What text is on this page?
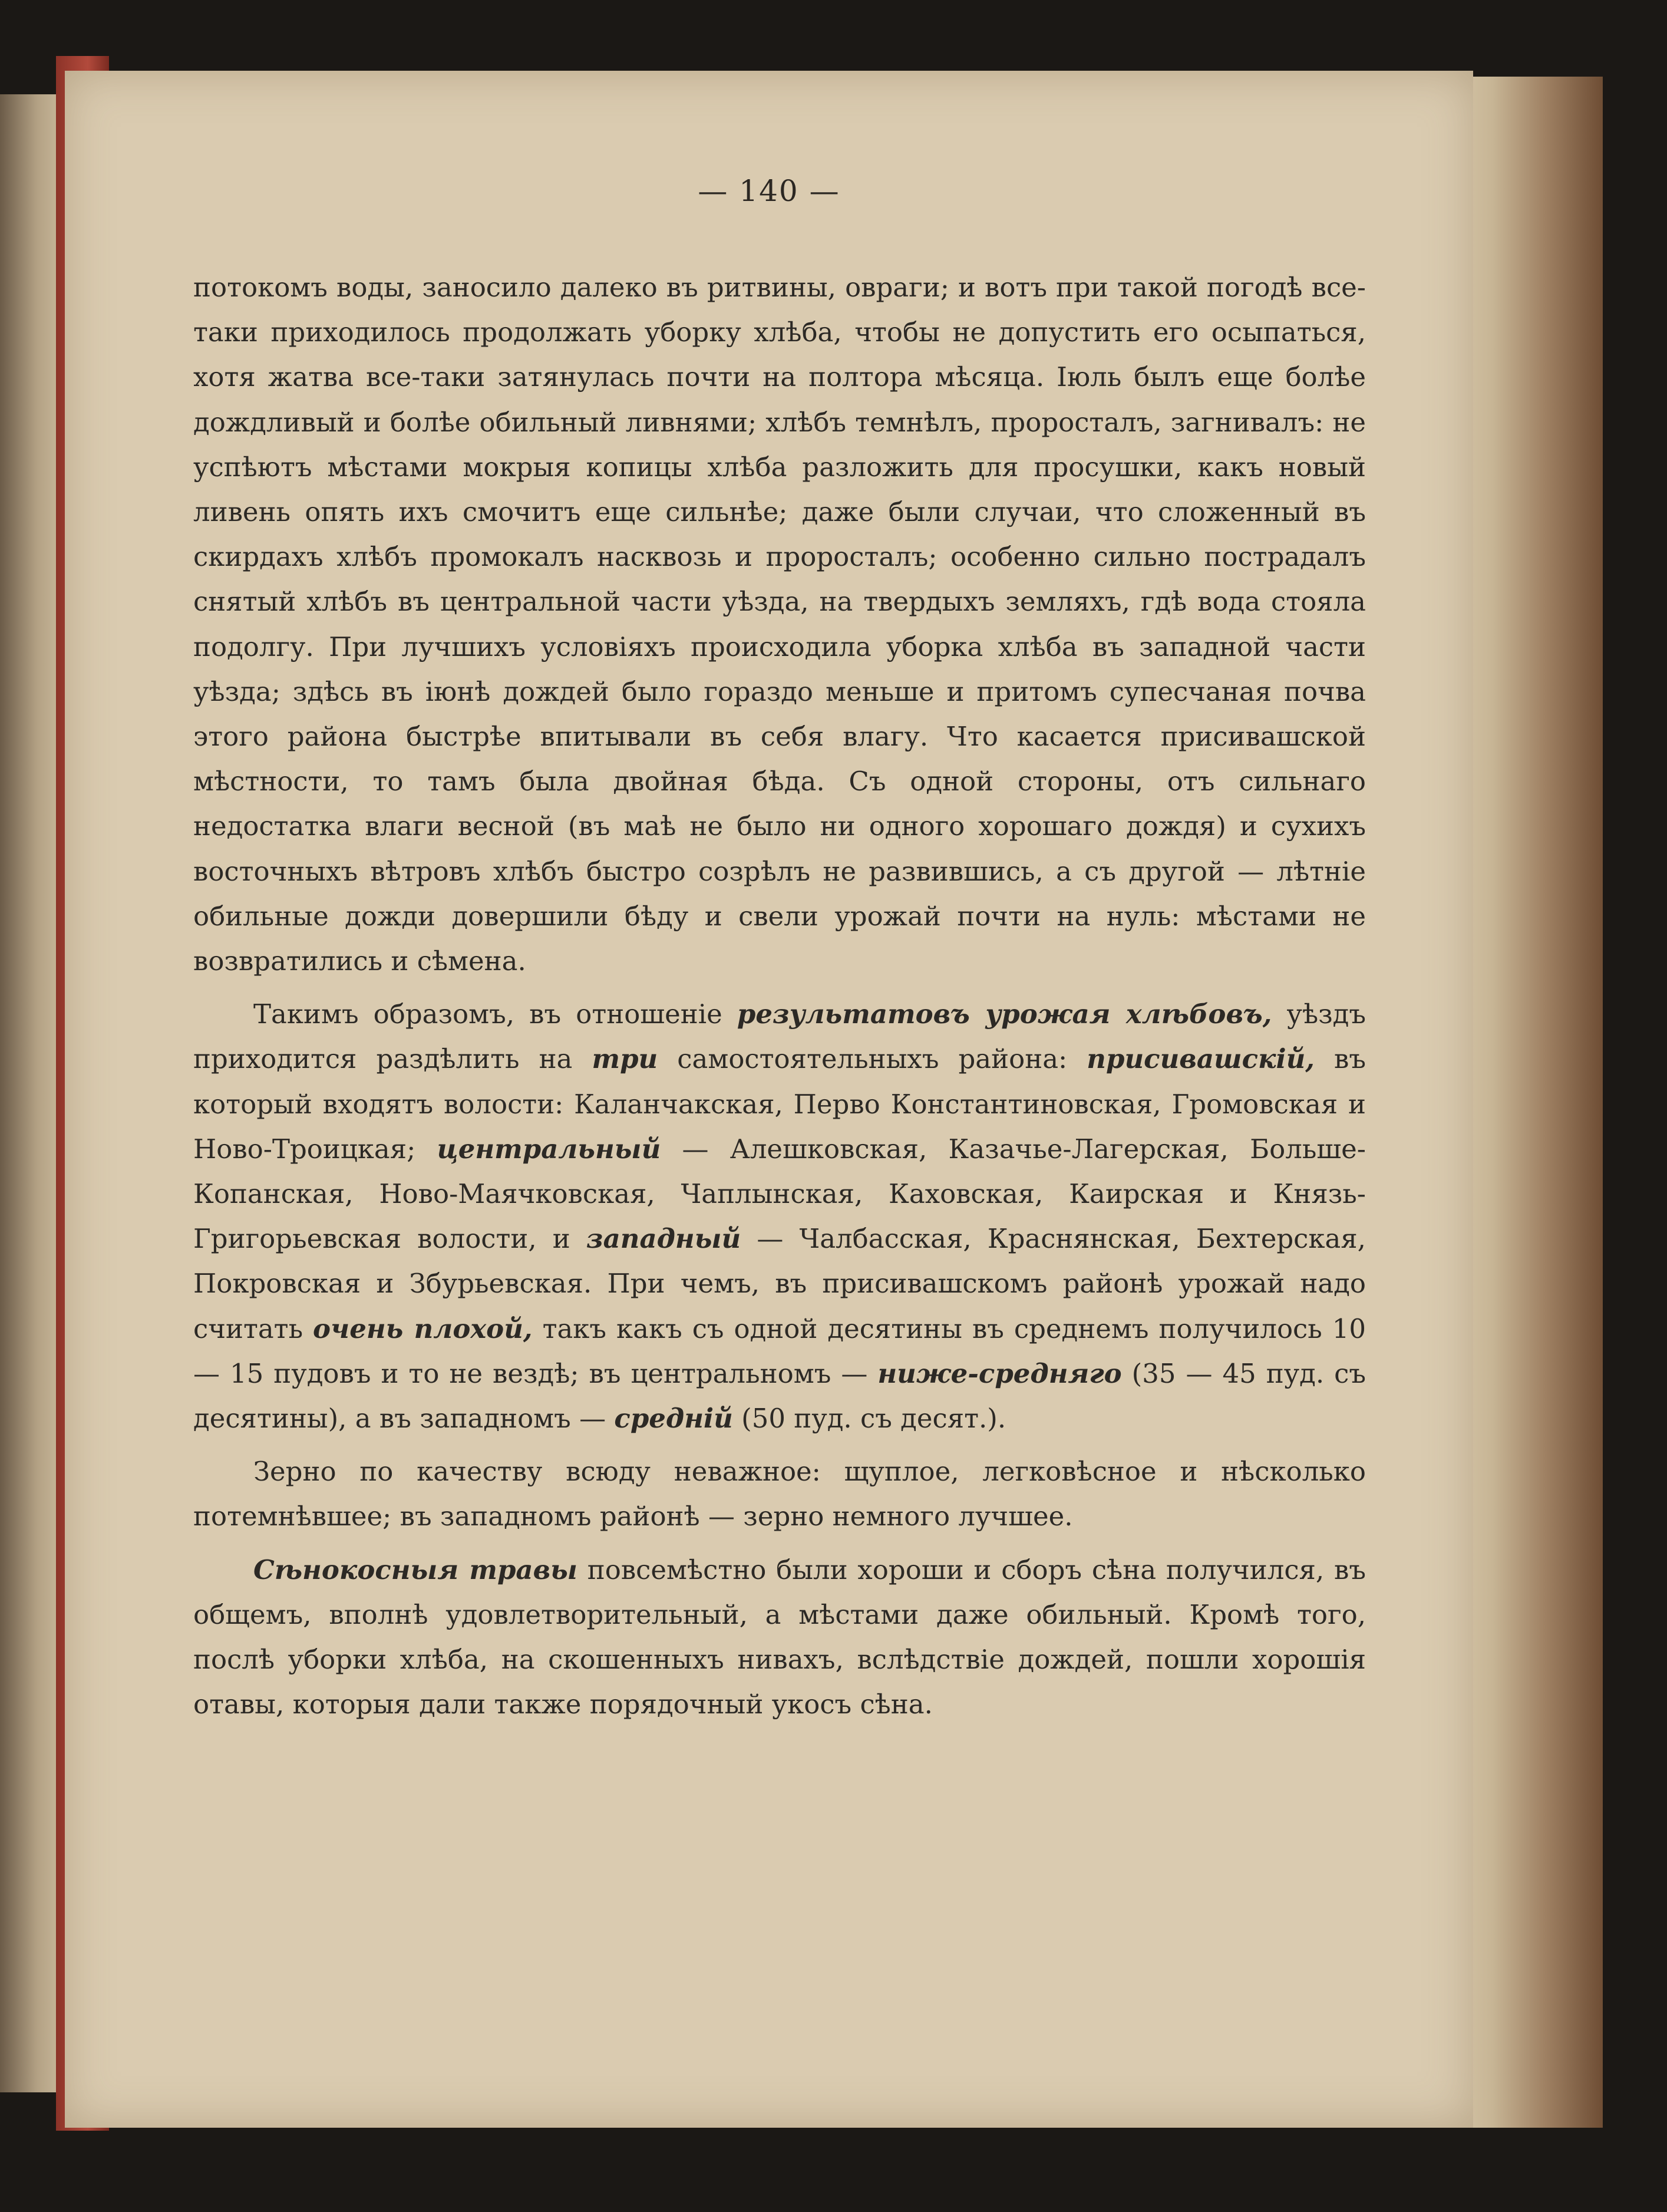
— 140 —

потокомъ воды, заносило далеко въ ритвины, овраги; и вотъ при такой погодѣ все-таки приходилось продолжать уборку хлѣба, чтобы не допустить его осыпаться, хотя жатва все-таки затянулась почти на полтора мѣсяца. Іюль былъ еще болѣе дождливый и болѣе обильный ливнями; хлѣбъ темнѣлъ, проросталъ, загнивалъ: не успѣютъ мѣстами мокрыя копицы хлѣба разложить для просушки, какъ новый ливень опять ихъ смочитъ еще сильнѣе; даже были случаи, что сложенный въ скирдахъ хлѣбъ промокалъ насквозь и проросталъ; особенно сильно пострадалъ снятый хлѣбъ въ центральной части уѣзда, на твердыхъ земляхъ, гдѣ вода стояла подолгу. При лучшихъ условіяхъ происходила уборка хлѣба въ западной части уѣзда; здѣсь въ іюнѣ дождей было гораздо меньше и притомъ супесчаная почва этого района быстрѣе впитывали въ себя влагу. Что касается присивашской мѣстности, то тамъ была двойная бѣда. Съ одной стороны, отъ сильнаго недостатка влаги весной (въ маѣ не было ни одного хорошаго дождя) и сухихъ восточныхъ вѣтровъ хлѣбъ быстро созрѣлъ не развившись, а съ другой — лѣтніе обильные дожди довершили бѣду и свели урожай почти на нуль: мѣстами не возвратились и сѣмена.

Такимъ образомъ, въ отношеніе результатовъ урожая хлѣбовъ, уѣздъ приходится раздѣлить на три самостоятельныхъ района: присивашскій, въ который входятъ волости: Каланчакская, Перво Константиновская, Громовская и Ново-Троицкая; центральный — Алешковская, Казачье-Лагерская, Больше-Копанская, Ново-Маячковская, Чаплынская, Каховская, Каирская и Князь-Григорьевская волости, и западный — Чалбасская, Краснянская, Бехтерская, Покровская и Збурьевская. При чемъ, въ присивашскомъ районѣ урожай надо считать очень плохой, такъ какъ съ одной десятины въ среднемъ получилось 10 — 15 пудовъ и то не вездѣ; въ центральномъ — ниже-средняго (35 — 45 пуд. съ десятины), а въ западномъ — средній (50 пуд. съ десят.).

Зерно по качеству всюду неважное: щуплое, легковѣсное и нѣсколько потемнѣвшее; въ западномъ районѣ — зерно немного лучшее.

Сѣнокосныя травы повсемѣстно были хороши и сборъ сѣна получился, въ общемъ, вполнѣ удовлетворительный, а мѣстами даже обильный. Кромѣ того, послѣ уборки хлѣба, на скошенныхъ нивахъ, вслѣдствіе дождей, пошли хорошія отавы, которыя дали также порядочный укосъ сѣна.
